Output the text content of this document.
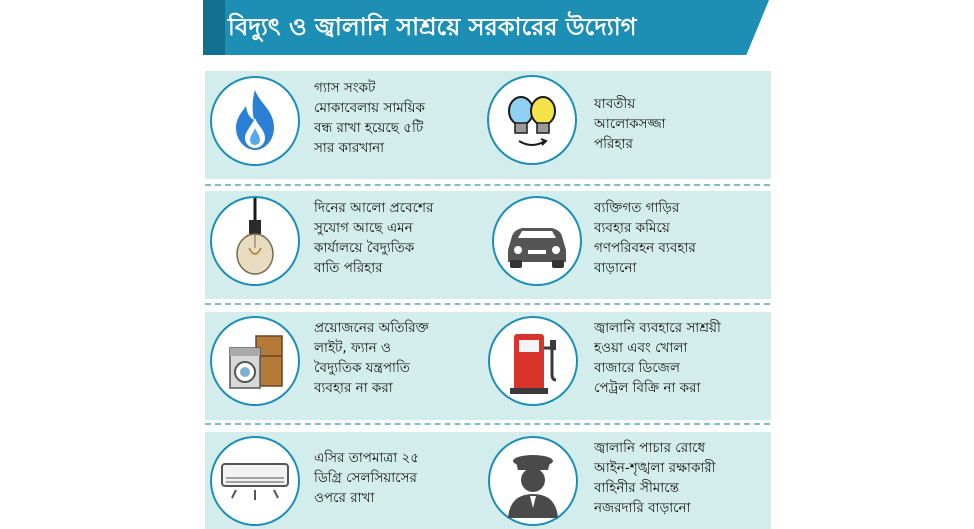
বিদ্যুৎ ও জ্বালানি সাশ্রয়ে সরকারের উদ্যোগ
গ্যাস সংকট
মোকাবেলায় সাময়িক
বন্ধ রাখা হয়েছে ৫টি
সার কারখানা
যাবতীয়
আলোকসজ্জা
পরিহার
দিনের আলো প্রবেশের
সুযোগ আছে এমন
কার্যালয়ে বৈদ্যুতিক
বাতি পরিহার
ব্যক্তিগত গাড়ির
ব্যবহার কমিয়ে
গণপরিবহন ব্যবহার
বাড়ানো
প্রয়োজনের অতিরিক্ত
লাইট, ফ্যান ও
বৈদ্যুতিক যন্ত্রপাতি
ব্যবহার না করা
জ্বালানি ব্যবহারে সাশ্রয়ী
হওয়া এবং খোলা
বাজারে ডিজেল
পেট্রল বিক্রি না করা
এসির তাপমাত্রা ২৫
ডিগ্রি সেলসিয়াসের
ওপরে রাখা
জ্বালানি পাচার রোধে
আইন-শৃঙ্খলা রক্ষাকারী
বাহিনীর সীমান্তে
নজরদারি বাড়ানো
